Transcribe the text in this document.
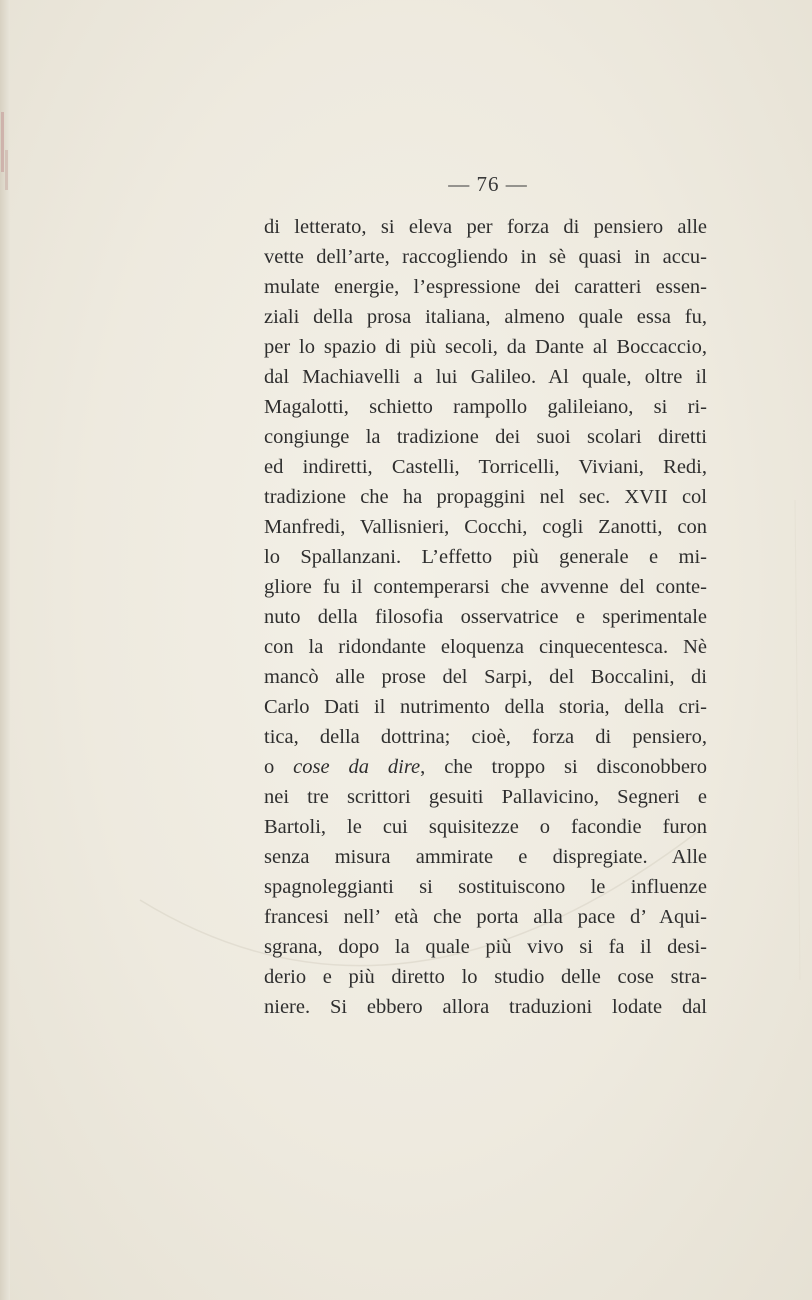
— 76 —
di letterato, si eleva per forza di pensiero alle
vette dell’arte, raccogliendo in sè quasi in accu-
mulate energie, l’espressione dei caratteri essen-
ziali della prosa italiana, almeno quale essa fu,
per lo spazio di più secoli, da Dante al Boccaccio,
dal Machiavelli a lui Galileo. Al quale, oltre il
Magalotti, schietto rampollo galileiano, si ri-
congiunge la tradizione dei suoi scolari diretti
ed indiretti, Castelli, Torricelli, Viviani, Redi,
tradizione che ha propaggini nel sec. XVII col
Manfredi, Vallisnieri, Cocchi, cogli Zanotti, con
lo Spallanzani. L’effetto più generale e mi-
gliore fu il contemperarsi che avvenne del conte-
nuto della filosofia osservatrice e sperimentale
con la ridondante eloquenza cinquecentesca. Nè
mancò alle prose del Sarpi, del Boccalini, di
Carlo Dati il nutrimento della storia, della cri-
tica, della dottrina; cioè, forza di pensiero,
o cose da dire, che troppo si disconobbero
nei tre scrittori gesuiti Pallavicino, Segneri e
Bartoli, le cui squisitezze o facondie furon
senza misura ammirate e dispregiate. Alle
spagnoleggianti si sostituiscono le influenze
francesi nell’ età che porta alla pace d’ Aqui-
sgrana, dopo la quale più vivo si fa il desi-
derio e più diretto lo studio delle cose stra-
niere. Si ebbero allora traduzioni lodate dal
